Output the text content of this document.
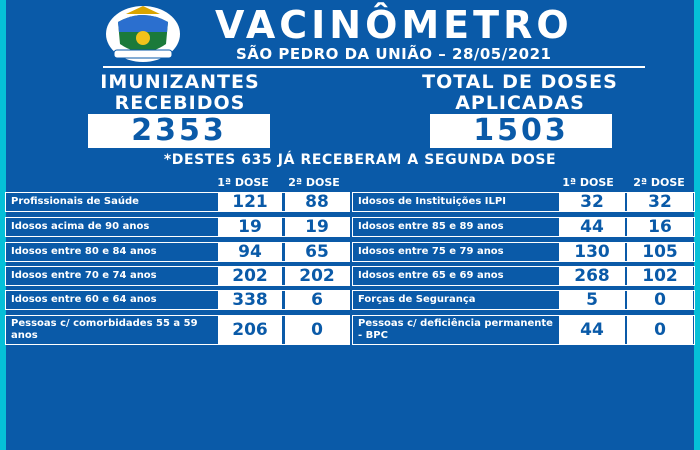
VACINÔMETRO
SÃO PEDRO DA UNIÃO – 28/05/2021
IMUNIZANTES RECEBIDOS
2353
TOTAL DE DOSES APLICADAS
1503
*DESTES 635 JÁ RECEBERAM A SEGUNDA DOSE
1ª DOSE	2ª DOSE	1ª DOSE	2ª DOSE
Profissionais de Saúde	121	88
Idosos acima de 90 anos	19	19
Idosos entre 80 e 84 anos	94	65
Idosos entre 70 e 74 anos	202	202
Idosos entre 60 e 64 anos	338	6
Pessoas c/ comorbidades 55 a 59 anos	206	0
Idosos de Instituições ILPI	32	32
Idosos entre 85 e 89 anos	44	16
Idosos entre 75 e 79 anos	130	105
Idosos entre 65 e 69 anos	268	102
Forças de Segurança	5	0
Pessoas c/ deficiência permanente - BPC	44	0
